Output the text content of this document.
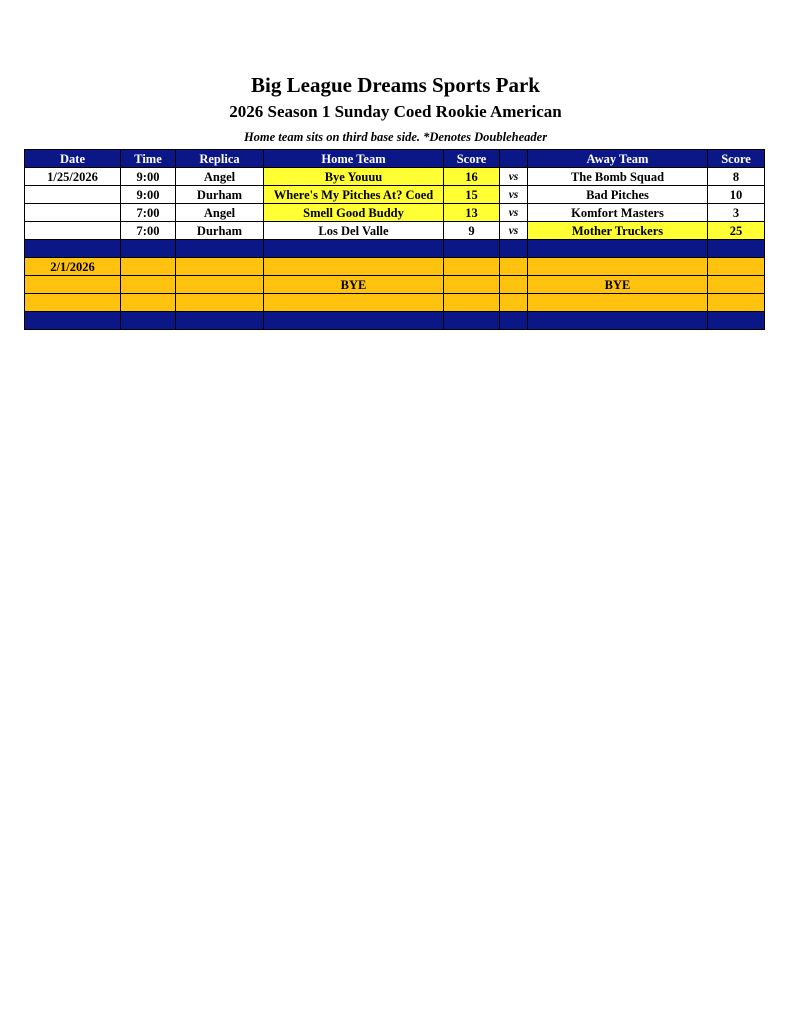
Big League Dreams Sports Park
2026 Season 1 Sunday Coed Rookie American
Home team sits on third base side. *Denotes Doubleheader
Date	Time	Replica	Home Team	Score		Away Team	Score
1/25/2026	9:00	Angel	Bye Youuu	16	vs	The Bomb Squad	8
	9:00	Durham	Where's My Pitches At? Coed	15	vs	Bad Pitches	10
	7:00	Angel	Smell Good Buddy	13	vs	Komfort Masters	3
	7:00	Durham	Los Del Valle	9	vs	Mother Truckers	25

2/1/2026							
			BYE			BYE	
